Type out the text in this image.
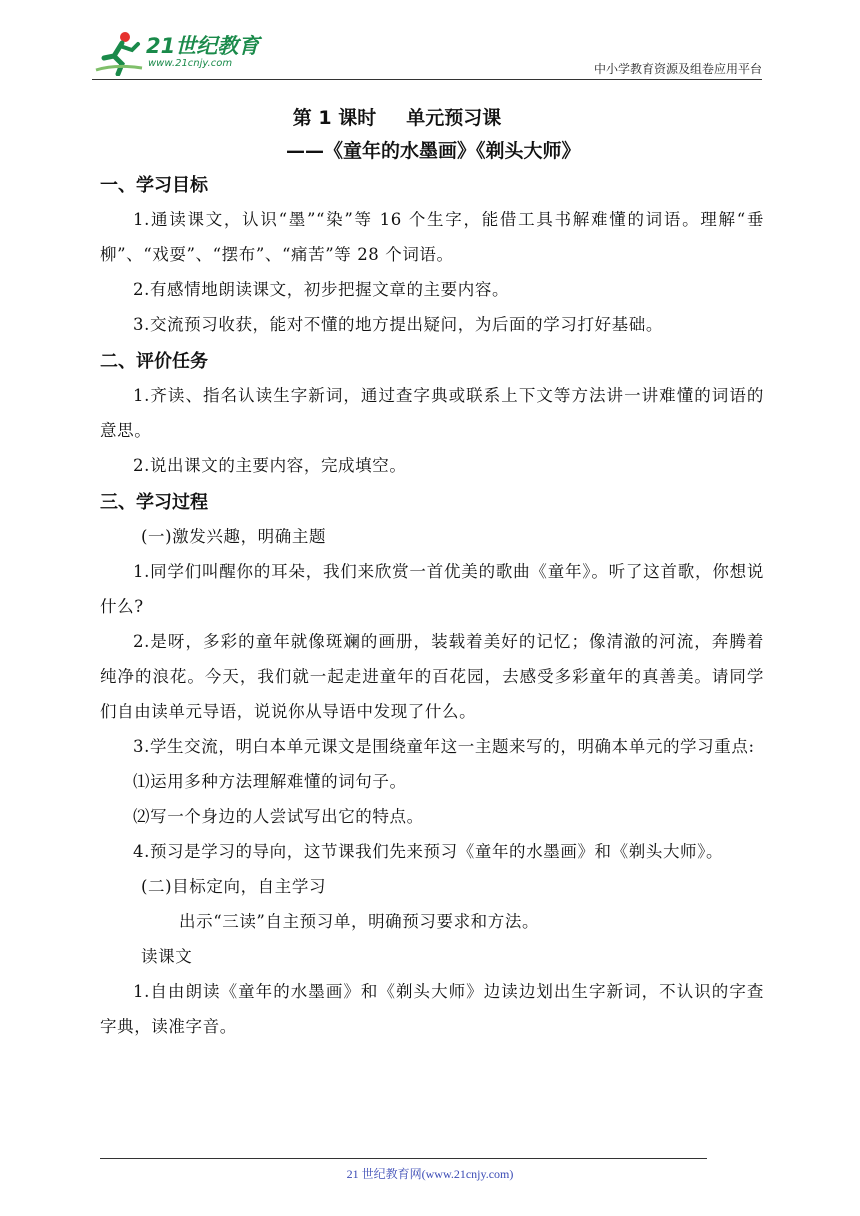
21世纪教育
www.21cnjy.com	中小学教育资源及组卷应用平台
第 1 课时 单元预习课
——《童年的水墨画》《剃头大师》
一、学习目标

1.通读课文，认识“墨”“染”等 16 个生字，能借工具书解难懂的词语。理解“垂柳”、“戏耍”、“摆布”、“痛苦”等 28 个词语。

2.有感情地朗读课文，初步把握文章的主要内容。

3.交流预习收获，能对不懂的地方提出疑问，为后面的学习打好基础。

二、评价任务

1.齐读、指名认读生字新词，通过查字典或联系上下文等方法讲一讲难懂的词语的意思。

2.说出课文的主要内容，完成填空。

三、学习过程

(一)激发兴趣，明确主题

1.同学们叫醒你的耳朵，我们来欣赏一首优美的歌曲《童年》。听了这首歌，你想说什么?

2.是呀，多彩的童年就像斑斓的画册，装载着美好的记忆；像清澈的河流，奔腾着纯净的浪花。今天，我们就一起走进童年的百花园，去感受多彩童年的真善美。请同学们自由读单元导语，说说你从导语中发现了什么。

3.学生交流，明白本单元课文是围绕童年这一主题来写的，明确本单元的学习重点:

⑴运用多种方法理解难懂的词句子。

⑵写一个身边的人尝试写出它的特点。

4.预习是学习的导向，这节课我们先来预习《童年的水墨画》和《剃头大师》。

(二)目标定向，自主学习

出示“三读”自主预习单，明确预习要求和方法。

读课文

1.自由朗读《童年的水墨画》和《剃头大师》边读边划出生字新词，不认识的字查字典，读准字音。

21 世纪教育网(www.21cnjy.com)
